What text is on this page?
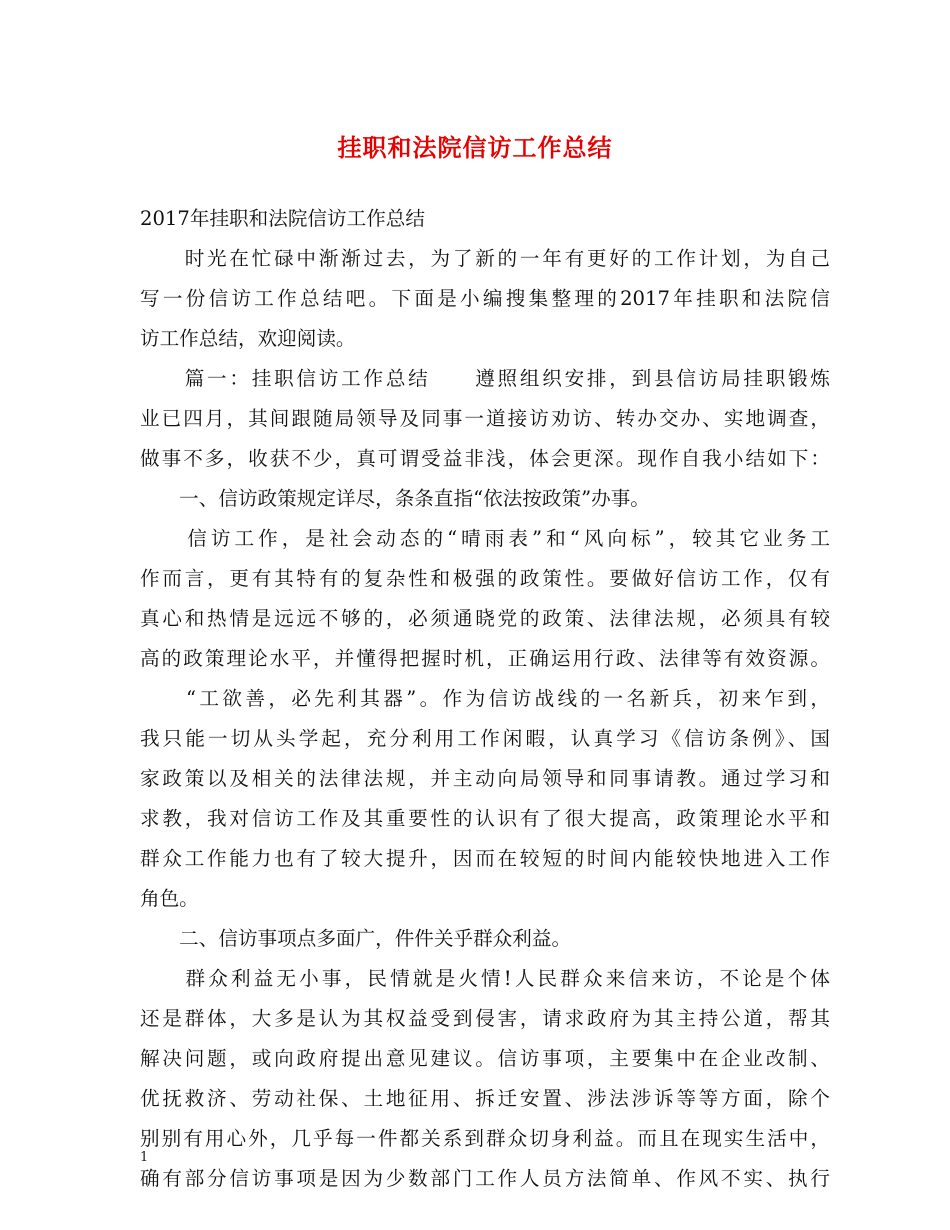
挂职和法院信访工作总结
2017年挂职和法院信访工作总结
　　时光在忙碌中渐渐过去，为了新的一年有更好的工作计划，为自己
写一份信访工作总结吧。下面是小编搜集整理的2017年挂职和法院信
访工作总结，欢迎阅读。
　　篇一：挂职信访工作总结　　遵照组织安排，到县信访局挂职锻炼
业已四月，其间跟随局领导及同事一道接访劝访、转办交办、实地调查，
做事不多，收获不少，真可谓受益非浅，体会更深。现作自我小结如下：
　　一、信访政策规定详尽，条条直指“依法按政策”办事。
　　信访工作，是社会动态的“晴雨表”和“风向标”，较其它业务工
作而言，更有其特有的复杂性和极强的政策性。要做好信访工作，仅有
真心和热情是远远不够的，必须通晓党的政策、法律法规，必须具有较
高的政策理论水平，并懂得把握时机，正确运用行政、法律等有效资源。
　　“工欲善，必先利其器”。作为信访战线的一名新兵，初来乍到，
我只能一切从头学起，充分利用工作闲暇，认真学习《信访条例》、国
家政策以及相关的法律法规，并主动向局领导和同事请教。通过学习和
求教，我对信访工作及其重要性的认识有了很大提高，政策理论水平和
群众工作能力也有了较大提升，因而在较短的时间内能较快地进入工作
角色。
　　二、信访事项点多面广，件件关乎群众利益。
　　群众利益无小事，民情就是火情!人民群众来信来访，不论是个体
还是群体，大多是认为其权益受到侵害，请求政府为其主持公道，帮其
解决问题，或向政府提出意见建议。信访事项，主要集中在企业改制、
优抚救济、劳动社保、土地征用、拆迁安置、涉法涉诉等等方面，除个
别别有用心外，几乎每一件都关系到群众切身利益。而且在现实生活中，
确有部分信访事项是因为少数部门工作人员方法简单、作风不实、执行
1
